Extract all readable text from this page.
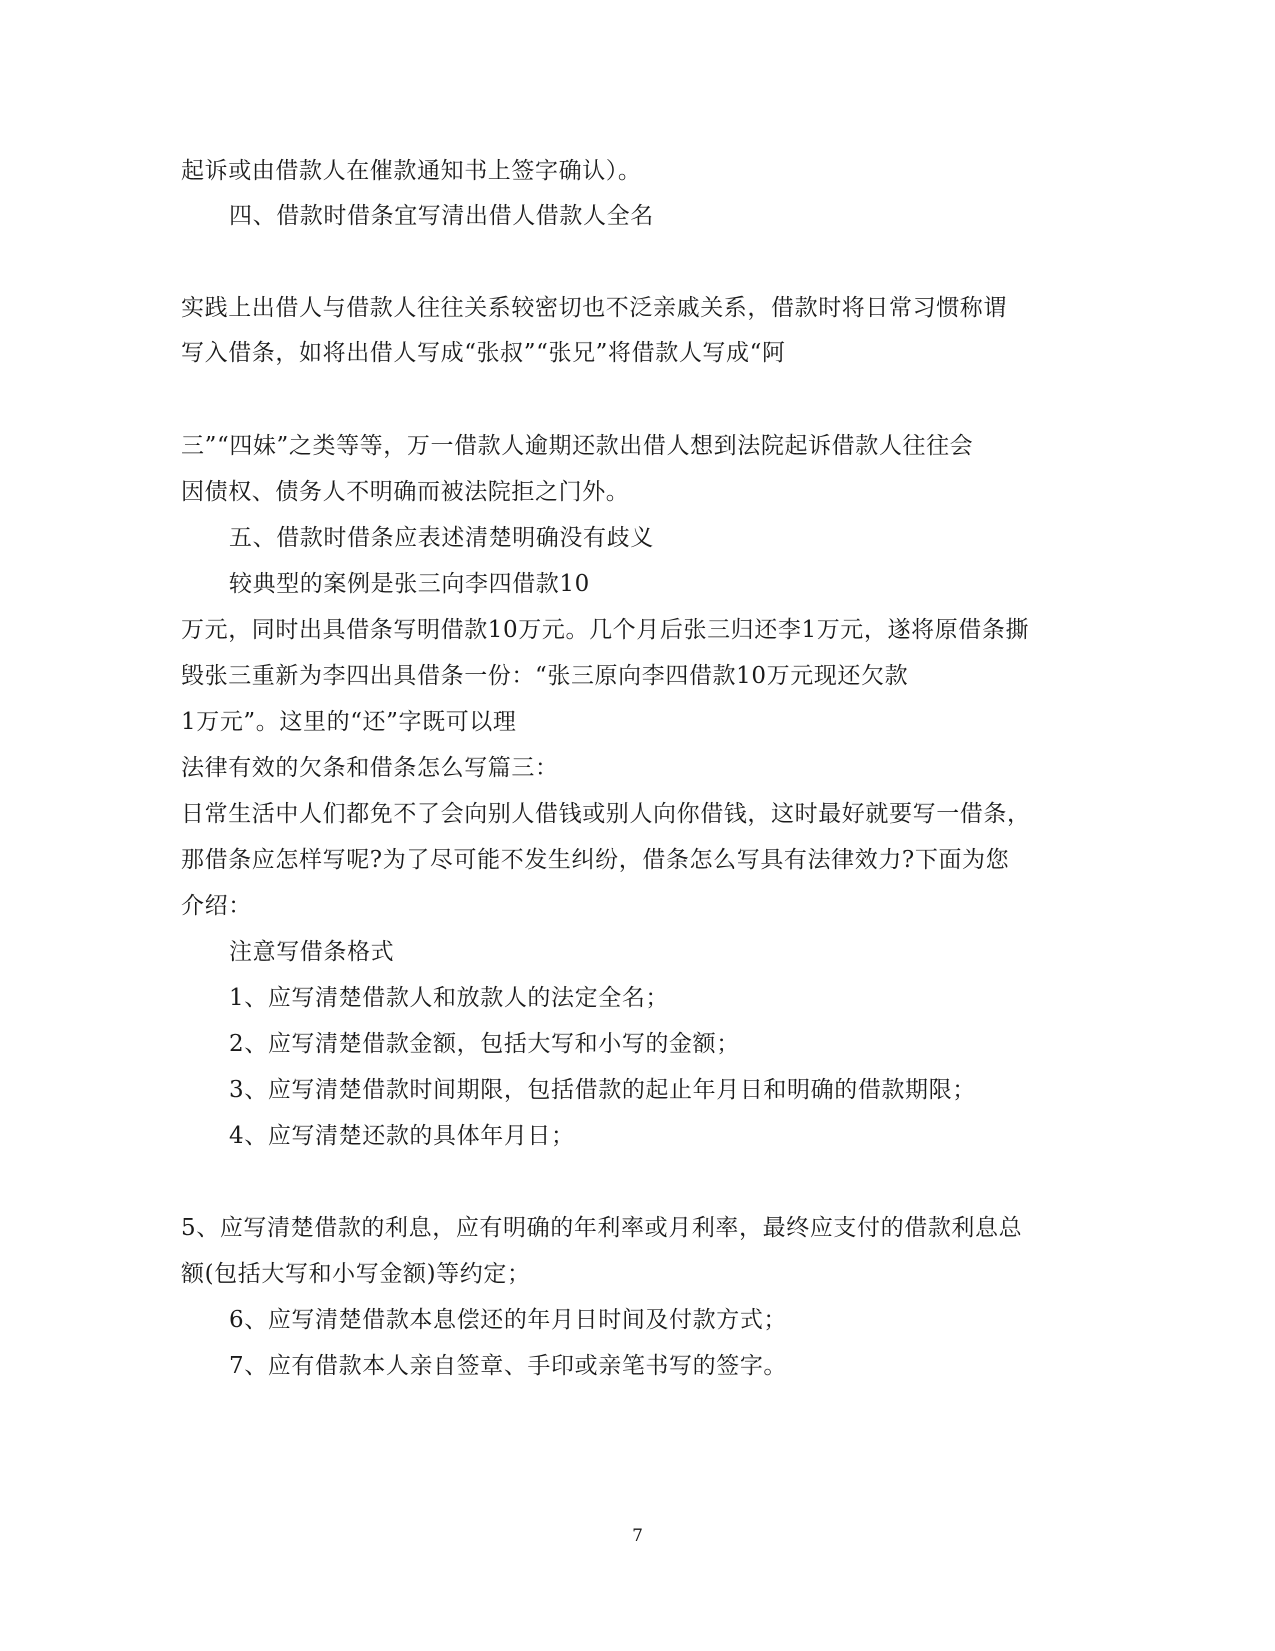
起诉或由借款人在催款通知书上签字确认）。
四、借款时借条宜写清出借人借款人全名
实践上出借人与借款人往往关系较密切也不泛亲戚关系，借款时将日常习惯称谓
写入借条，如将出借人写成“张叔”“张兄”将借款人写成“阿
三”“四妹”之类等等，万一借款人逾期还款出借人想到法院起诉借款人往往会
因债权、债务人不明确而被法院拒之门外。
五、借款时借条应表述清楚明确没有歧义
较典型的案例是张三向李四借款10
万元，同时出具借条写明借款10万元。几个月后张三归还李1万元，遂将原借条撕
毁张三重新为李四出具借条一份：“张三原向李四借款10万元现还欠款
1万元”。这里的“还”字既可以理
法律有效的欠条和借条怎么写篇三：
日常生活中人们都免不了会向别人借钱或别人向你借钱，这时最好就要写一借条，
那借条应怎样写呢?为了尽可能不发生纠纷，借条怎么写具有法律效力?下面为您
介绍：
注意写借条格式
1、应写清楚借款人和放款人的法定全名；
2、应写清楚借款金额，包括大写和小写的金额；
3、应写清楚借款时间期限，包括借款的起止年月日和明确的借款期限；
4、应写清楚还款的具体年月日；
5、应写清楚借款的利息，应有明确的年利率或月利率，最终应支付的借款利息总
额(包括大写和小写金额)等约定；
6、应写清楚借款本息偿还的年月日时间及付款方式；
7、应有借款本人亲自签章、手印或亲笔书写的签字。
7
